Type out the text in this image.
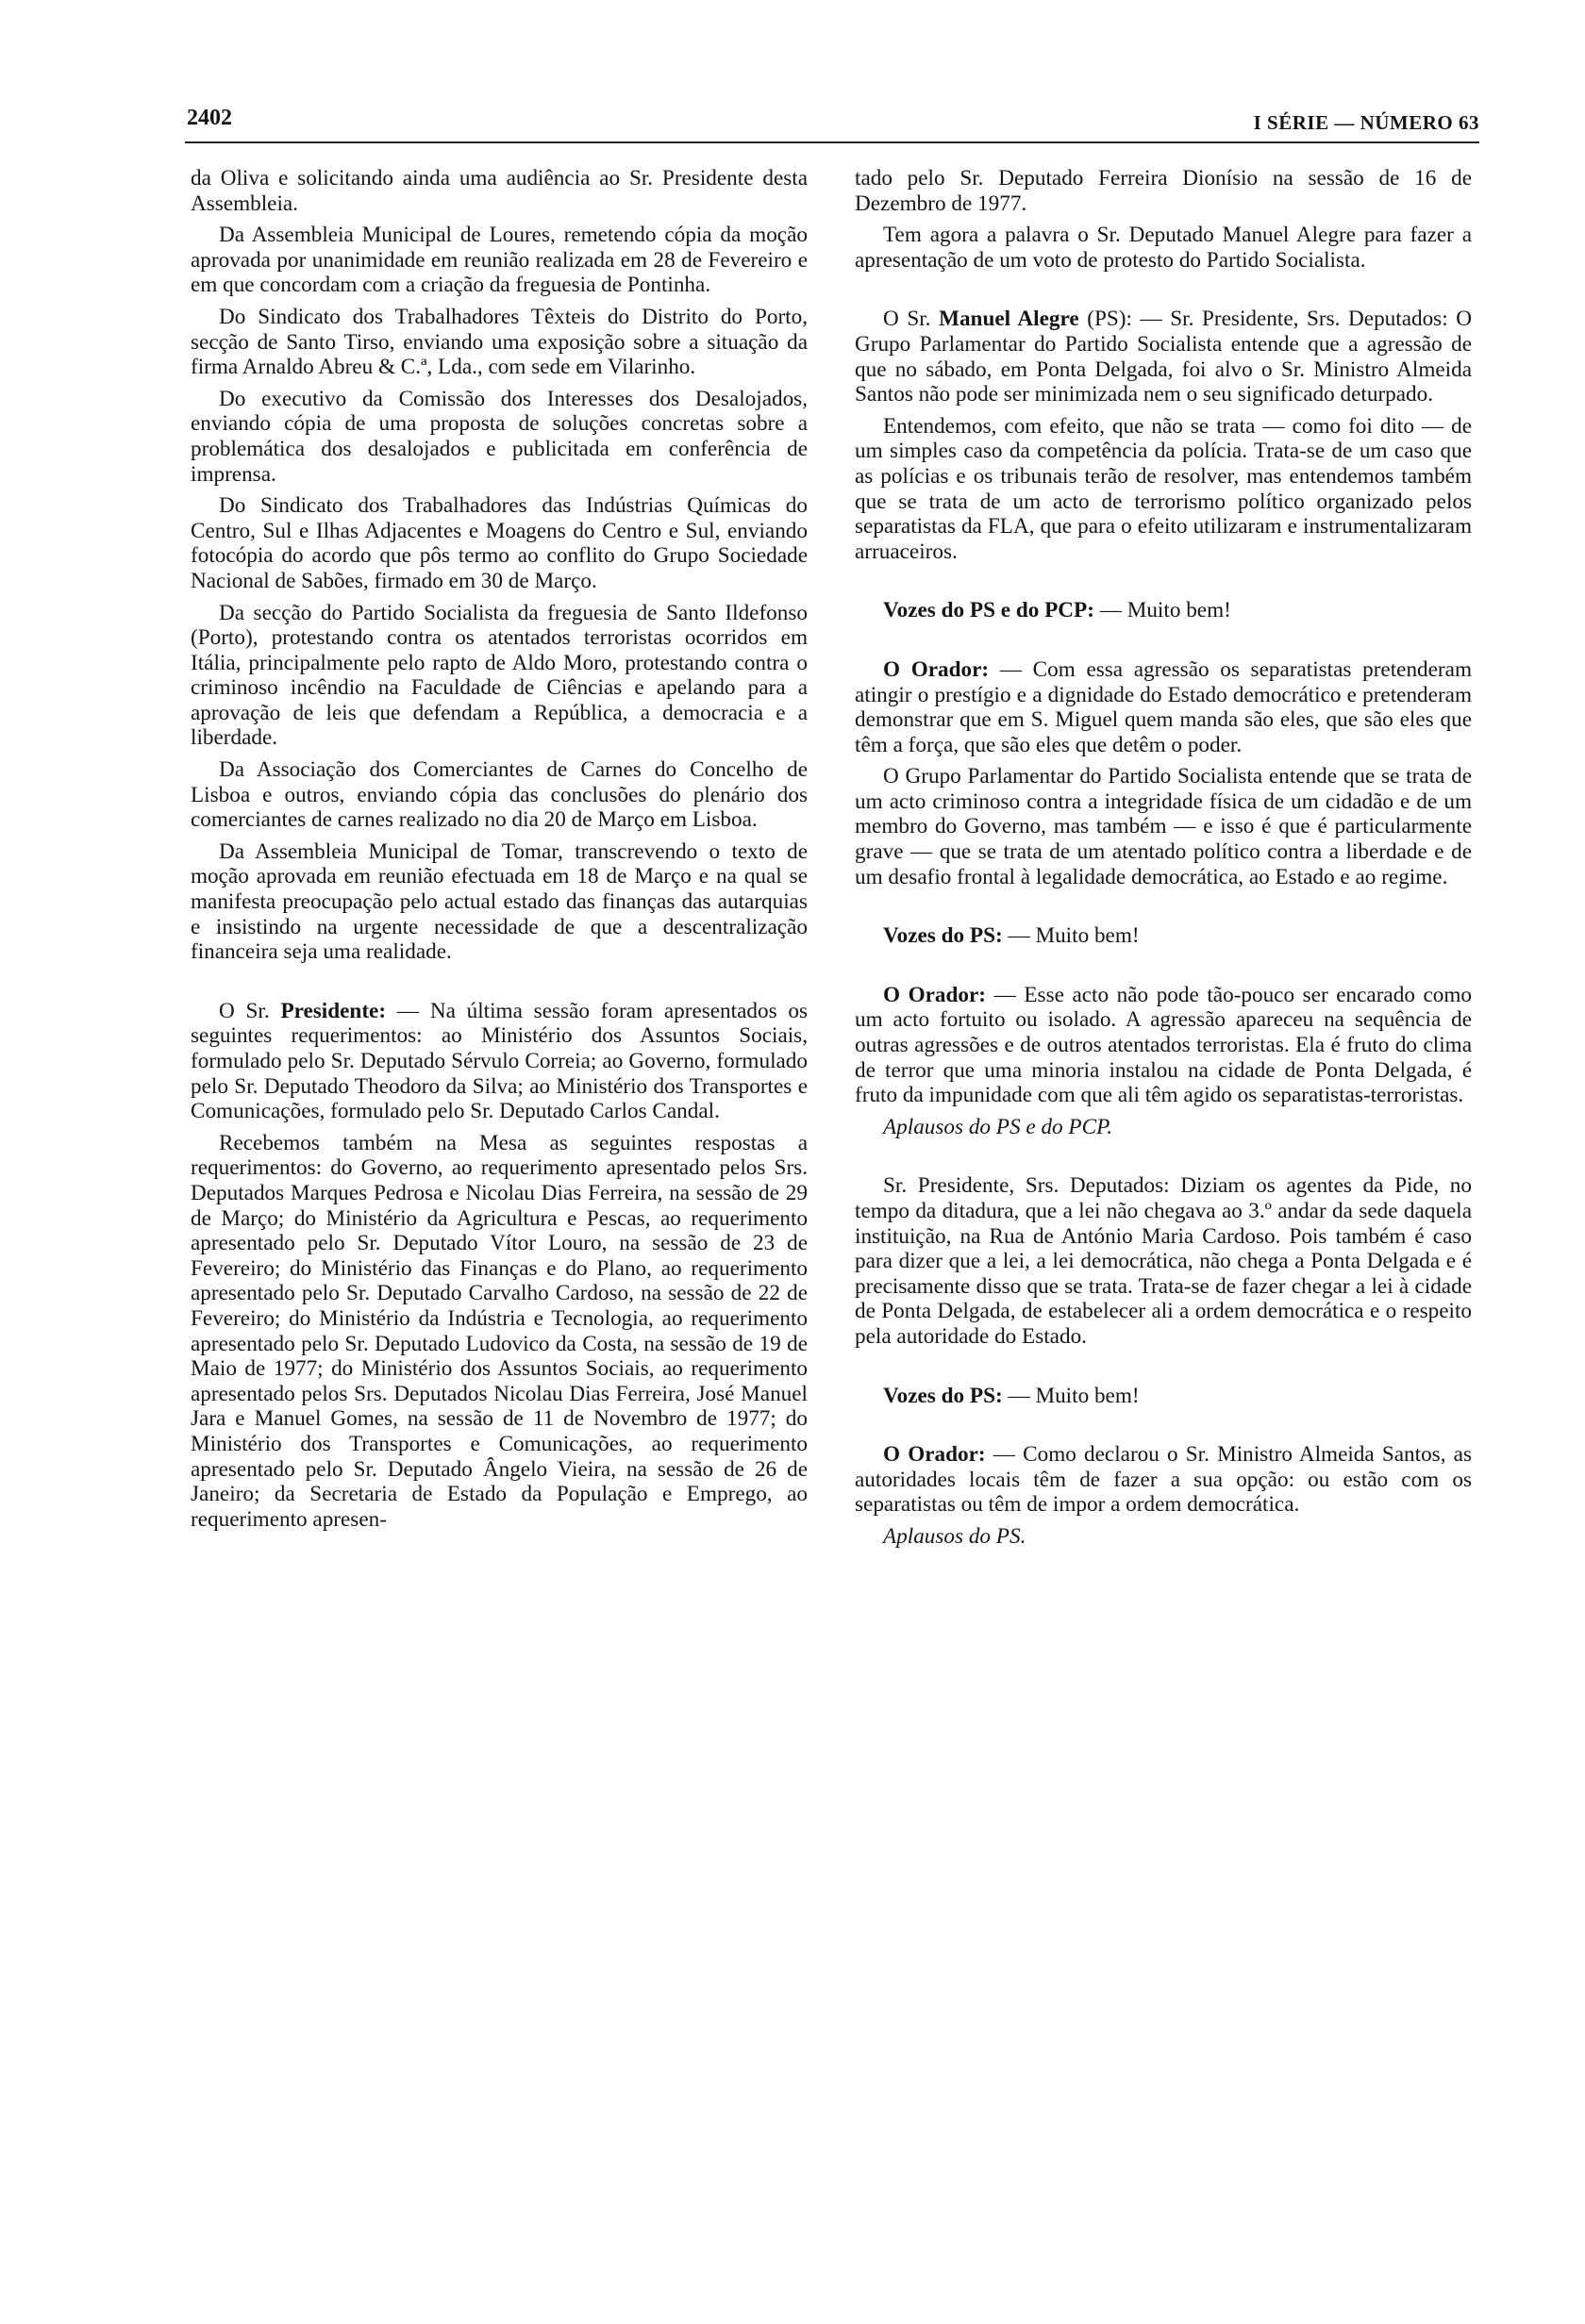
2402	I SÉRIE — NÚMERO 63

da Oliva e solicitando ainda uma audiência ao Sr. Presidente desta Assembleia.

Da Assembleia Municipal de Loures, remetendo cópia da moção aprovada por unanimidade em reunião realizada em 28 de Fevereiro e em que concordam com a criação da freguesia de Pontinha.

Do Sindicato dos Trabalhadores Têxteis do Distrito do Porto, secção de Santo Tirso, enviando uma exposição sobre a situação da firma Arnaldo Abreu & C.ª, Lda., com sede em Vilarinho.

Do executivo da Comissão dos Interesses dos Desalojados, enviando cópia de uma proposta de soluções concretas sobre a problemática dos desalojados e publicitada em conferência de imprensa.

Do Sindicato dos Trabalhadores das Indústrias Químicas do Centro, Sul e Ilhas Adjacentes e Moagens do Centro e Sul, enviando fotocópia do acordo que pôs termo ao conflito do Grupo Sociedade Nacional de Sabões, firmado em 30 de Março.

Da secção do Partido Socialista da freguesia de Santo Ildefonso (Porto), protestando contra os atentados terroristas ocorridos em Itália, principalmente pelo rapto de Aldo Moro, protestando contra o criminoso incêndio na Faculdade de Ciências e apelando para a aprovação de leis que defendam a República, a democracia e a liberdade.

Da Associação dos Comerciantes de Carnes do Concelho de Lisboa e outros, enviando cópia das conclusões do plenário dos comerciantes de carnes realizado no dia 20 de Março em Lisboa.

Da Assembleia Municipal de Tomar, transcrevendo o texto de moção aprovada em reunião efectuada em 18 de Março e na qual se manifesta preocupação pelo actual estado das finanças das autarquias e insistindo na urgente necessidade de que a descentralização financeira seja uma realidade.

O Sr. Presidente: — Na última sessão foram apresentados os seguintes requerimentos: ao Ministério dos Assuntos Sociais, formulado pelo Sr. Deputado Sérvulo Correia; ao Governo, formulado pelo Sr. Deputado Theodoro da Silva; ao Ministério dos Transportes e Comunicações, formulado pelo Sr. Deputado Carlos Candal.

Recebemos também na Mesa as seguintes respostas a requerimentos: do Governo, ao requerimento apresentado pelos Srs. Deputados Marques Pedrosa e Nicolau Dias Ferreira, na sessão de 29 de Março; do Ministério da Agricultura e Pescas, ao requerimento apresentado pelo Sr. Deputado Vítor Louro, na sessão de 23 de Fevereiro; do Ministério das Finanças e do Plano, ao requerimento apresentado pelo Sr. Deputado Carvalho Cardoso, na sessão de 22 de Fevereiro; do Ministério da Indústria e Tecnologia, ao requerimento apresentado pelo Sr. Deputado Ludovico da Costa, na sessão de 19 de Maio de 1977; do Ministério dos Assuntos Sociais, ao requerimento apresentado pelos Srs. Deputados Nicolau Dias Ferreira, José Manuel Jara e Manuel Gomes, na sessão de 11 de Novembro de 1977; do Ministério dos Transportes e Comunicações, ao requerimento apresentado pelo Sr. Deputado Ângelo Vieira, na sessão de 26 de Janeiro; da Secretaria de Estado da População e Emprego, ao requerimento apresen-

tado pelo Sr. Deputado Ferreira Dionísio na sessão de 16 de Dezembro de 1977.

Tem agora a palavra o Sr. Deputado Manuel Alegre para fazer a apresentação de um voto de protesto do Partido Socialista.

O Sr. Manuel Alegre (PS): — Sr. Presidente, Srs. Deputados: O Grupo Parlamentar do Partido Socialista entende que a agressão de que no sábado, em Ponta Delgada, foi alvo o Sr. Ministro Almeida Santos não pode ser minimizada nem o seu significado deturpado.

Entendemos, com efeito, que não se trata — como foi dito — de um simples caso da competência da polícia. Trata-se de um caso que as polícias e os tribunais terão de resolver, mas entendemos também que se trata de um acto de terrorismo político organizado pelos separatistas da FLA, que para o efeito utilizaram e instrumentalizaram arruaceiros.

Vozes do PS e do PCP: — Muito bem!

O Orador: — Com essa agressão os separatistas pretenderam atingir o prestígio e a dignidade do Estado democrático e pretenderam demonstrar que em S. Miguel quem manda são eles, que são eles que têm a força, que são eles que detêm o poder.

O Grupo Parlamentar do Partido Socialista entende que se trata de um acto criminoso contra a integridade física de um cidadão e de um membro do Governo, mas também — e isso é que é particularmente grave — que se trata de um atentado político contra a liberdade e de um desafio frontal à legalidade democrática, ao Estado e ao regime.

Vozes do PS: — Muito bem!

O Orador: — Esse acto não pode tão-pouco ser encarado como um acto fortuito ou isolado. A agressão apareceu na sequência de outras agressões e de outros atentados terroristas. Ela é fruto do clima de terror que uma minoria instalou na cidade de Ponta Delgada, é fruto da impunidade com que ali têm agido os separatistas-terroristas.

Aplausos do PS e do PCP.

Sr. Presidente, Srs. Deputados: Diziam os agentes da Pide, no tempo da ditadura, que a lei não chegava ao 3.º andar da sede daquela instituição, na Rua de António Maria Cardoso. Pois também é caso para dizer que a lei, a lei democrática, não chega a Ponta Delgada e é precisamente disso que se trata. Trata-se de fazer chegar a lei à cidade de Ponta Delgada, de estabelecer ali a ordem democrática e o respeito pela autoridade do Estado.

Vozes do PS: — Muito bem!

O Orador: — Como declarou o Sr. Ministro Almeida Santos, as autoridades locais têm de fazer a sua opção: ou estão com os separatistas ou têm de impor a ordem democrática.

Aplausos do PS.
